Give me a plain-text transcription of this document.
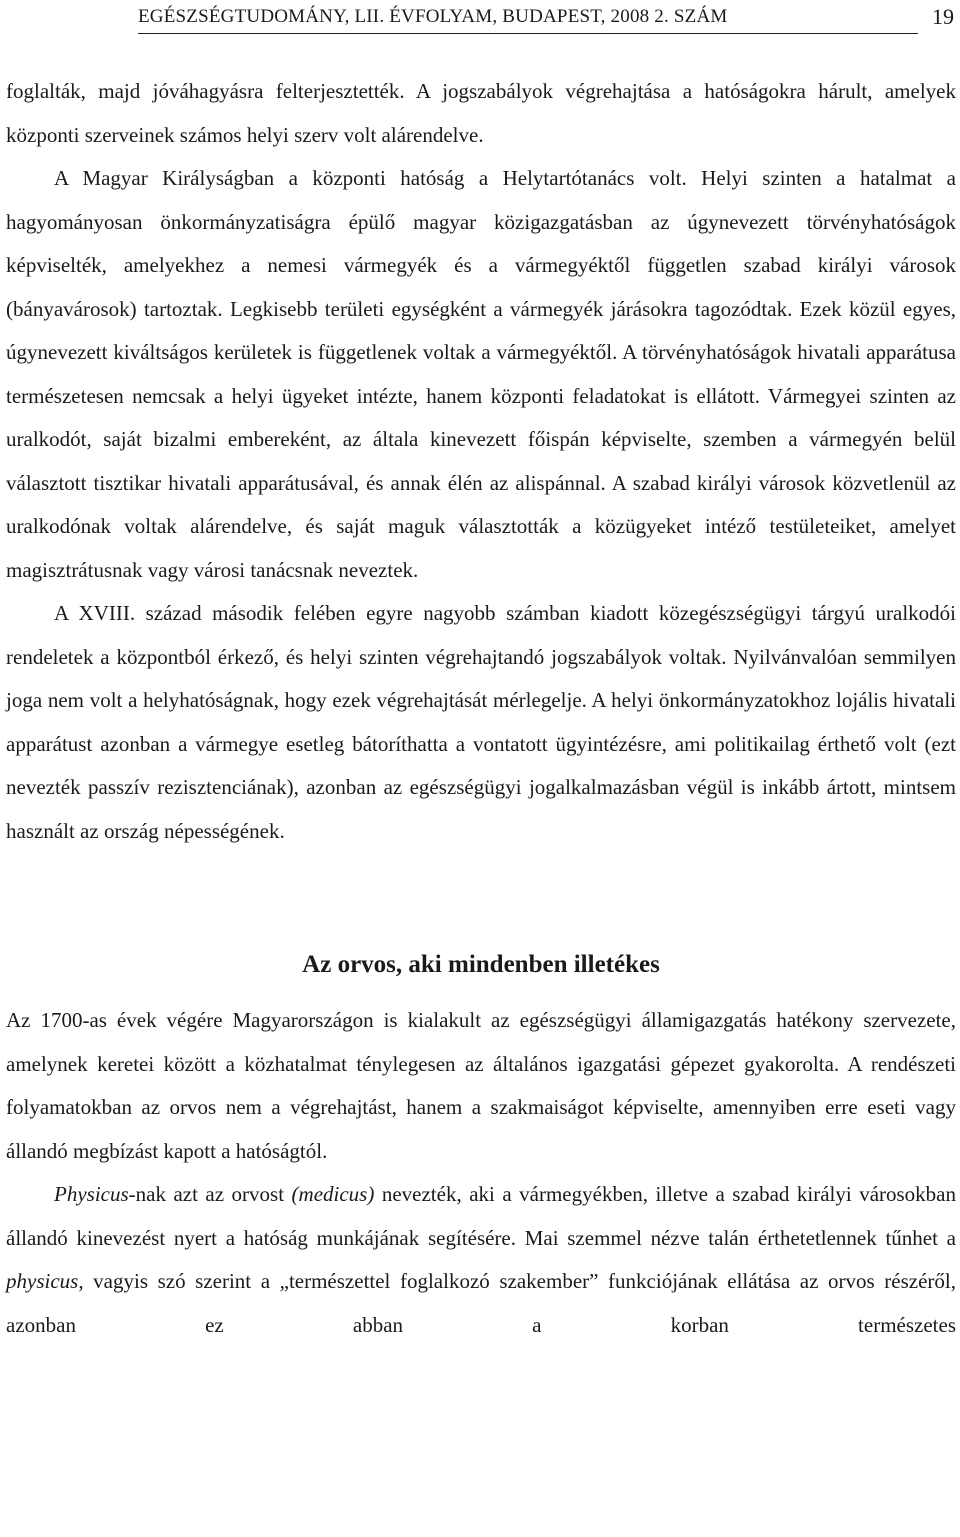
EGÉSZSÉGTUDOMÁNY, LII. ÉVFOLYAM, BUDAPEST, 2008 2. SZÁM	19

foglalták, majd jóváhagyásra felterjesztették. A jogszabályok végrehajtása a hatóságokra hárult, amelyek központi szerveinek számos helyi szerv volt alárendelve.

A Magyar Királyságban a központi hatóság a Helytartótanács volt. Helyi szinten a hatalmat a hagyományosan önkormányzatiságra épülő magyar közigazgatásban az úgynevezett törvényhatóságok képviselték, amelyekhez a nemesi vármegyék és a vármegyéktől független szabad királyi városok (bányavárosok) tartoztak. Legkisebb területi egységként a vármegyék járásokra tagozódtak. Ezek közül egyes, úgynevezett kiváltságos kerületek is függetlenek voltak a vármegyéktől. A törvényhatóságok hivatali apparátusa természetesen nemcsak a helyi ügyeket intézte, hanem központi feladatokat is ellátott. Vármegyei szinten az uralkodót, saját bizalmi embereként, az általa kinevezett főispán képviselte, szemben a vármegyén belül választott tisztikar hivatali apparátusával, és annak élén az alispánnal. A szabad királyi városok közvetlenül az uralkodónak voltak alárendelve, és saját maguk választották a közügyeket intéző testületeiket, amelyet magisztrátusnak vagy városi tanácsnak neveztek.

A XVIII. század második felében egyre nagyobb számban kiadott közegészségügyi tárgyú uralkodói rendeletek a központból érkező, és helyi szinten végrehajtandó jogszabályok voltak. Nyilvánvalóan semmilyen joga nem volt a helyhatóságnak, hogy ezek végrehajtását mérlegelje. A helyi önkormányzatokhoz lojális hivatali apparátust azonban a vármegye esetleg bátoríthatta a vontatott ügyintézésre, ami politikailag érthető volt (ezt nevezték passzív rezisztenciának), azonban az egészségügyi jogalkalmazásban végül is inkább ártott, mintsem használt az ország népességének.

Az orvos, aki mindenben illetékes

Az 1700-as évek végére Magyarországon is kialakult az egészségügyi államigazgatás hatékony szervezete, amelynek keretei között a közhatalmat ténylegesen az általános igazgatási gépezet gyakorolta. A rendészeti folyamatokban az orvos nem a végrehajtást, hanem a szakmaiságot képviselte, amennyiben erre eseti vagy állandó megbízást kapott a hatóságtól.

Physicus-nak azt az orvost (medicus) nevezték, aki a vármegyékben, illetve a szabad királyi városokban állandó kinevezést nyert a hatóság munkájának segítésére. Mai szemmel nézve talán érthetetlennek tűnhet a physicus, vagyis szó szerint a „természettel foglalkozó szakember” funkciójának ellátása az orvos részéről, azonban ez abban a korban természetes
